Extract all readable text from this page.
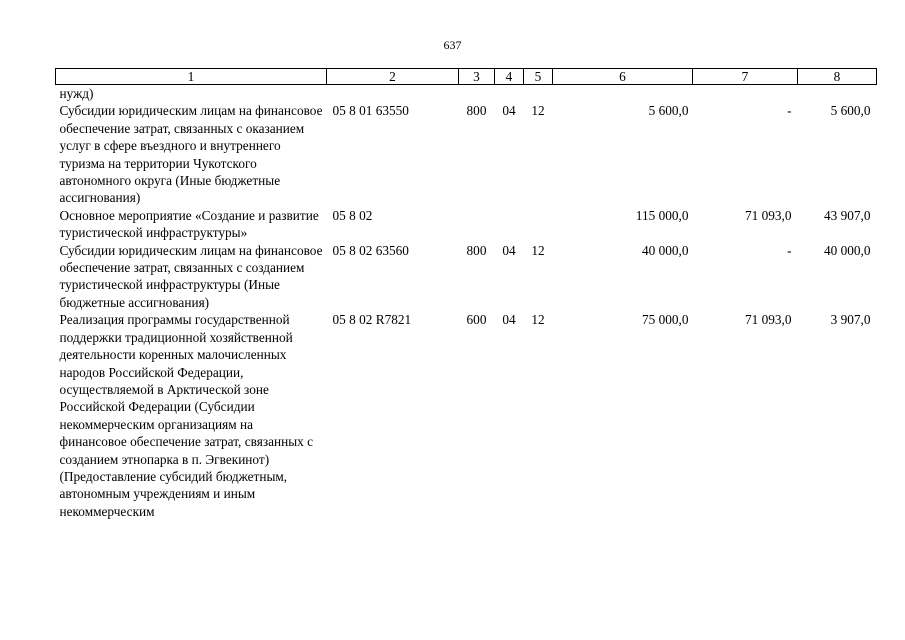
637
1	2	3	4	5	6	7	8
нужд)							
Субсидии юридическим лицам на финансовое обеспечение затрат, связанных с оказанием услуг в сфере въездного и внутреннего туризма на территории Чукотского автономного округа (Иные бюджетные ассигнования)	05 8 01 63550	800	04	12	5 600,0	-	5 600,0
Основное мероприятие «Создание и развитие туристической инфраструктуры»	05 8 02				115 000,0	71 093,0	43 907,0
Субсидии юридическим лицам на финансовое обеспечение затрат, связанных с созданием туристической инфраструктуры (Иные бюджетные ассигнования)	05 8 02 63560	800	04	12	40 000,0	-	40 000,0
Реализация программы государственной поддержки традиционной хозяйственной деятельности коренных малочисленных народов Российской Федерации, осуществляемой в Арктической зоне Российской Федерации (Субсидии некоммерческим организациям на финансовое обеспечение затрат, связанных с созданием этнопарка в п. Эгвекинот) (Предоставление субсидий бюджетным, автономным учреждениям и иным некоммерческим	05 8 02 R7821	600	04	12	75 000,0	71 093,0	3 907,0
